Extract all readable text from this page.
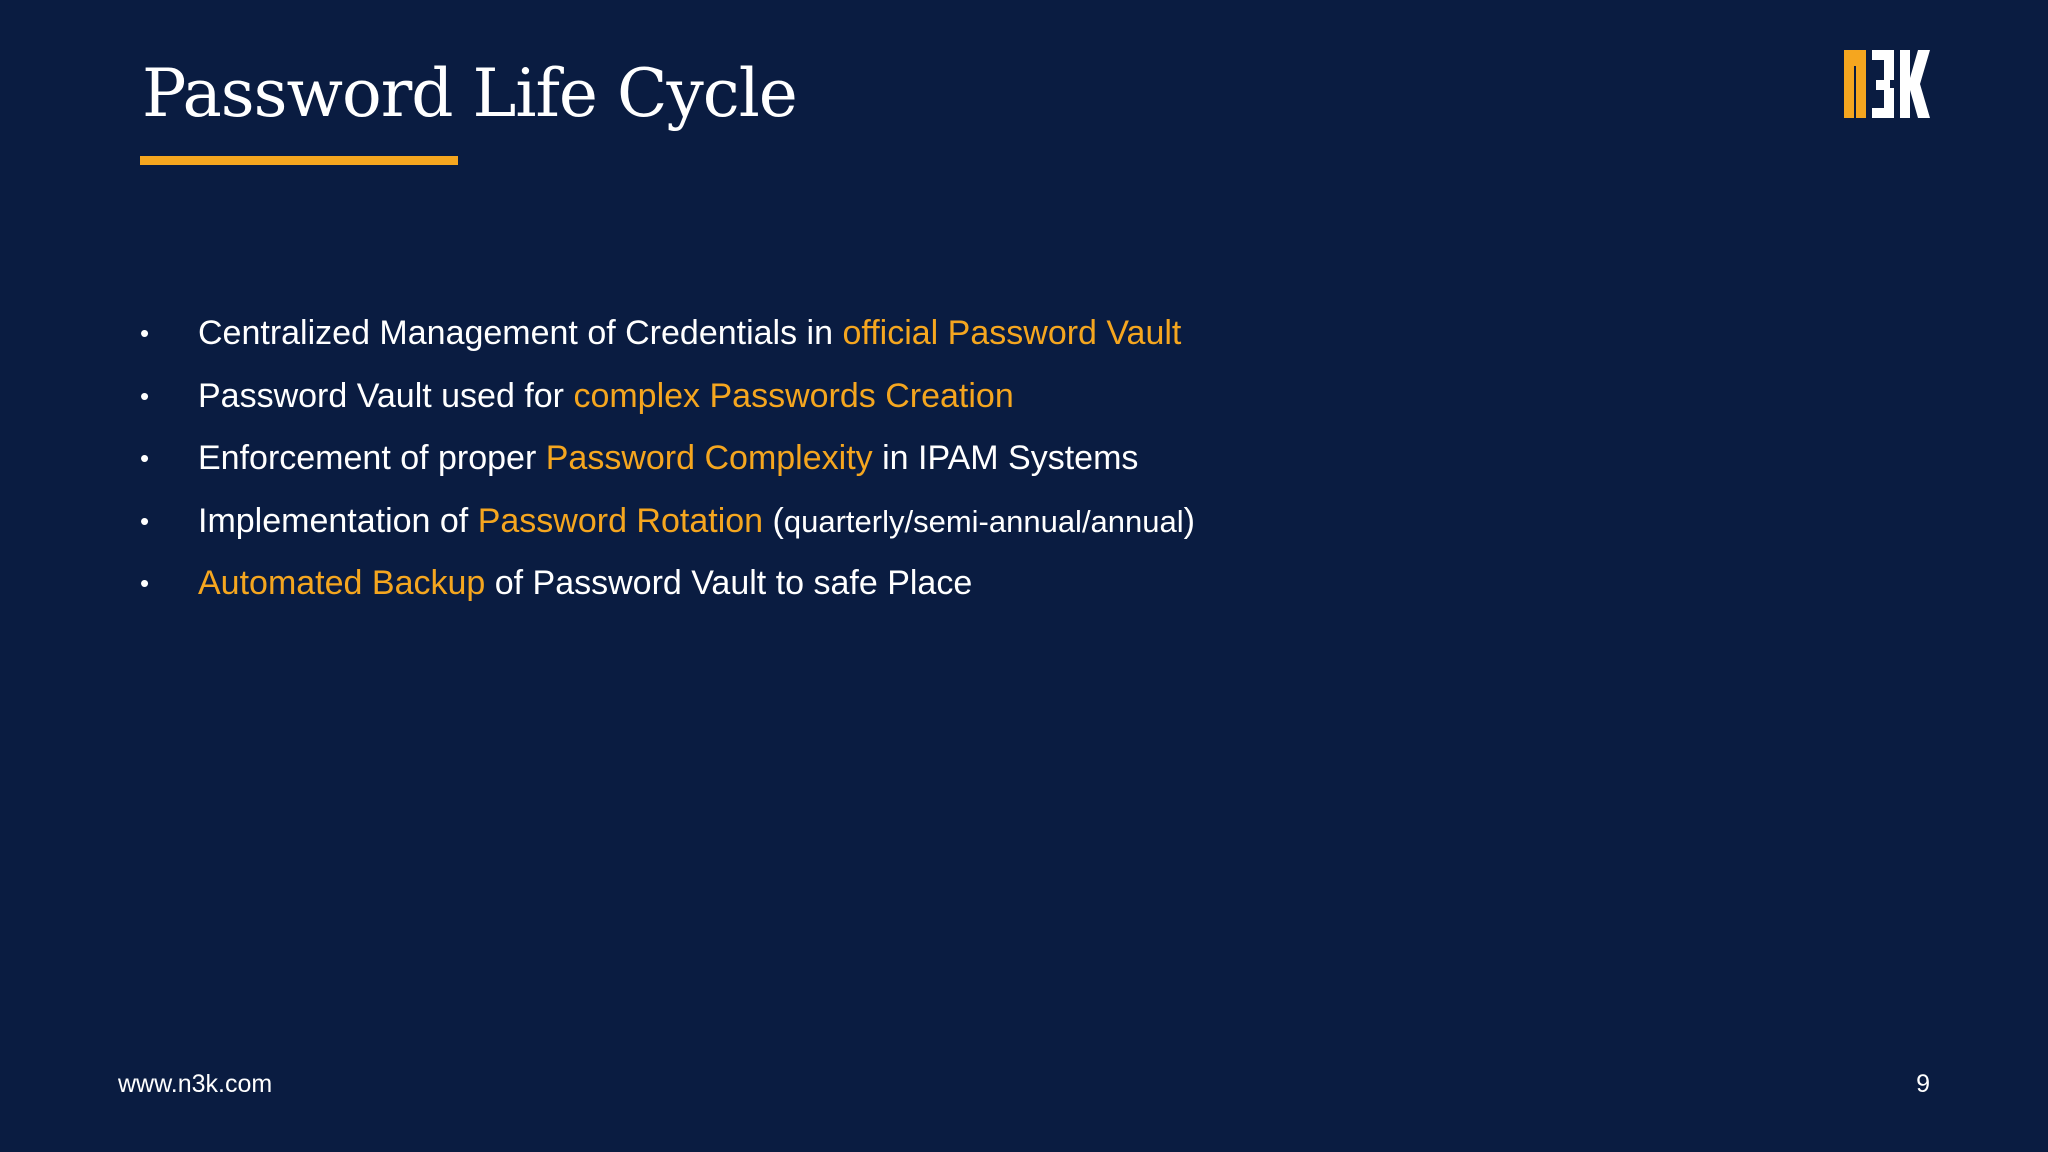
Password Life Cycle
•	Centralized Management of Credentials in official Password Vault
•	Password Vault used for complex Passwords Creation
•	Enforcement of proper Password Complexity in IPAM Systems
•	Implementation of Password Rotation (quarterly/semi-annual/annual)
•	Automated Backup of Password Vault to safe Place
www.n3k.com	9
